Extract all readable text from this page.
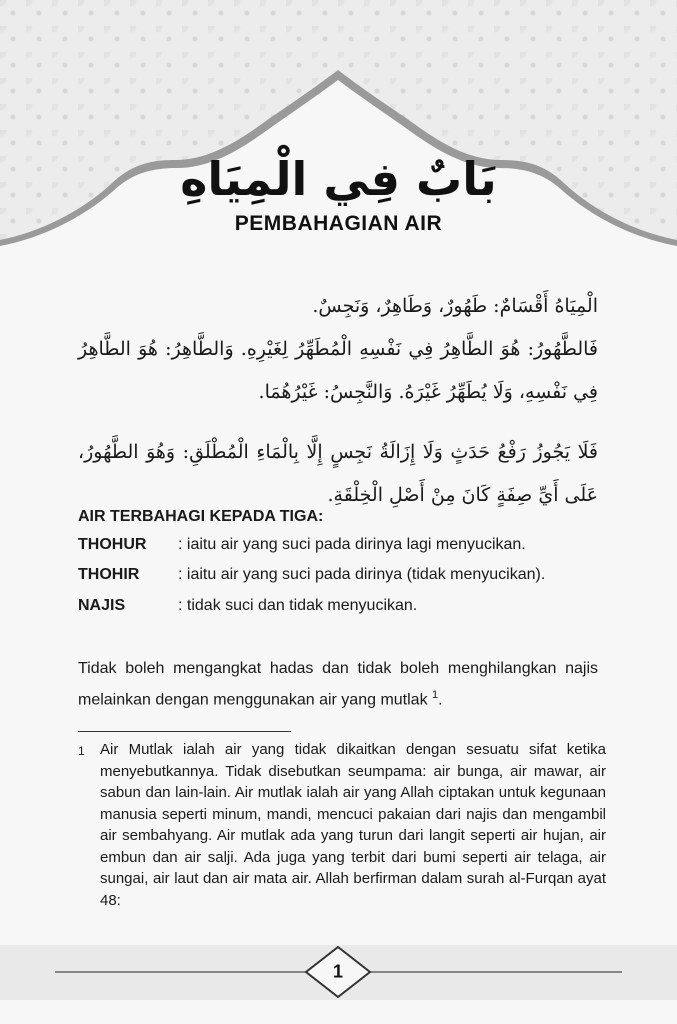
بَابٌ فِي الْمِيَاهِ
PEMBAHAGIAN AIR
الْمِيَاهُ أَقْسَامٌ: طَهُورٌ، وَطَاهِرٌ، وَنَجِسٌ.
فَالطَّهُورُ: هُوَ الطَّاهِرُ فِي نَفْسِهِ الْمُطَهِّرُ لِغَيْرِهِ. وَالطَّاهِرُ: هُوَ الطَّاهِرُ فِي نَفْسِهِ، وَلَا يُطَهِّرُ غَيْرَهُ. وَالنَّجِسُ: غَيْرُهُمَا.
فَلَا يَجُوزُ رَفْعُ حَدَثٍ وَلَا إِزَالَةُ نَجِسٍ إِلَّا بِالْمَاءِ الْمُطْلَقِ: وَهُوَ الطَّهُورُ، عَلَى أَيِّ صِفَةٍ كَانَ مِنْ أَصْلِ الْخِلْقَةِ.
AIR TERBAHAGI KEPADA TIGA:
THOHUR	: iaitu air yang suci pada dirinya lagi menyucikan.
THOHIR	: iaitu air yang suci pada dirinya (tidak menyucikan).
NAJIS	: tidak suci dan tidak menyucikan.
Tidak boleh mengangkat hadas dan tidak boleh menghilangkan najis melainkan dengan menggunakan air yang mutlak $^1$.
1	Air Mutlak ialah air yang tidak dikaitkan dengan sesuatu sifat ketika menyebutkannya. Tidak disebutkan seumpama: air bunga, air mawar, air sabun dan lain-lain. Air mutlak ialah air yang Allah ciptakan untuk kegunaan manusia seperti minum, mandi, mencuci pakaian dari najis dan mengambil air sembahyang. Air mutlak ada yang turun dari langit seperti air hujan, air embun dan air salji. Ada juga yang terbit dari bumi seperti air telaga, air sungai, air laut dan air mata air. Allah berfirman dalam surah al-Furqan ayat 48:
1
